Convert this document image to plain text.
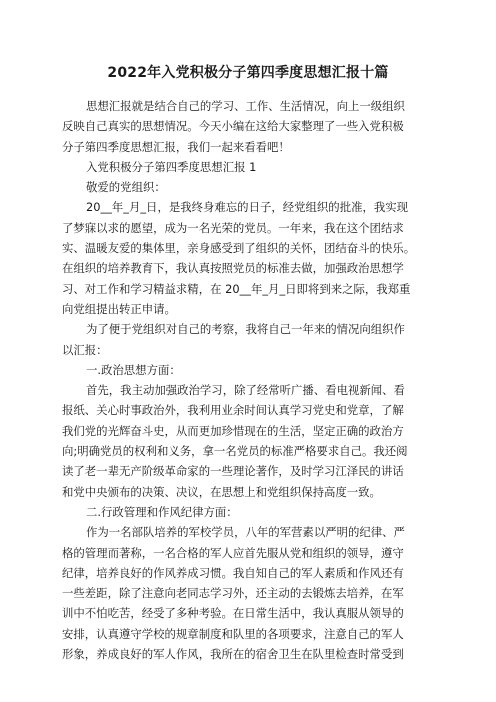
2022年入党积极分子第四季度思想汇报十篇
思想汇报就是结合自己的学习、工作、生活情况，向上一级组织
反映自己真实的思想情况。今天小编在这给大家整理了一些入党积极
分子第四季度思想汇报，我们一起来看看吧！
入党积极分子第四季度思想汇报 1
敬爱的党组织：
20__年_月_日，是我终身难忘的日子，经党组织的批准，我实现
了梦寐以求的愿望，成为一名光荣的党员。一年来，我在这个团结求
实、温暖友爱的集体里，亲身感受到了组织的关怀，团结奋斗的快乐。
在组织的培养教育下，我认真按照党员的标准去做，加强政治思想学
习、对工作和学习精益求精，在 20__年_月_日即将到来之际，我郑重
向党组提出转正申请。
为了便于党组织对自己的考察，我将自己一年来的情况向组织作
以汇报：
一.政治思想方面：
首先，我主动加强政治学习，除了经常听广播、看电视新闻、看
报纸、关心时事政治外，我利用业余时间认真学习党史和党章，了解
我们党的光辉奋斗史，从而更加珍惜现在的生活，坚定正确的政治方
向;明确党员的权利和义务，拿一名党员的标准严格要求自己。我还阅
读了老一辈无产阶级革命家的一些理论著作，及时学习江泽民的讲话
和党中央颁布的决策、决议，在思想上和党组织保持高度一致。
二.行政管理和作风纪律方面：
作为一名部队培养的军校学员，八年的军营素以严明的纪律、严
格的管理而著称，一名合格的军人应首先服从党和组织的领导，遵守
纪律，培养良好的作风养成习惯。我自知自己的军人素质和作风还有
一些差距，除了注意向老同志学习外，还主动的去锻炼去培养，在军
训中不怕吃苦，经受了多种考验。在日常生活中，我认真服从领导的
安排，认真遵守学校的规章制度和队里的各项要求，注意自己的军人
形象，养成良好的军人作风，我所在的宿舍卫生在队里检查时常受到
